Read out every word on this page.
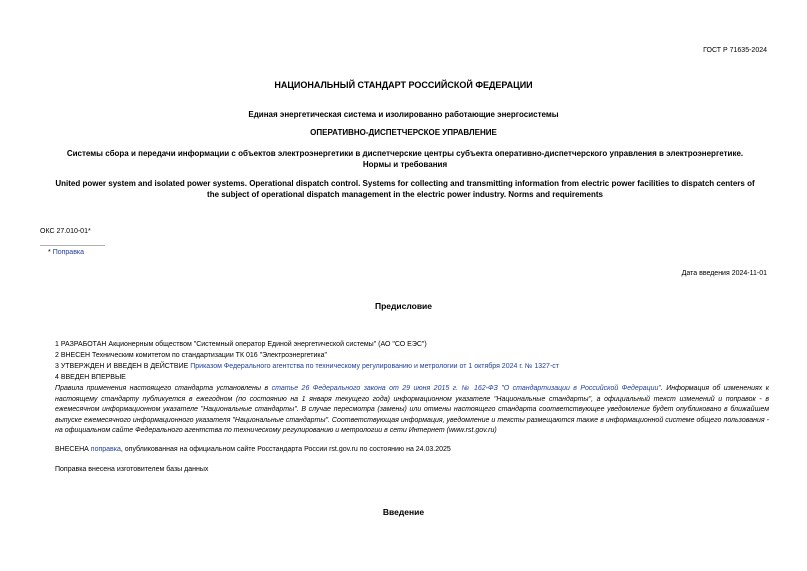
ГОСТ Р 71635-2024
НАЦИОНАЛЬНЫЙ СТАНДАРТ РОССИЙСКОЙ ФЕДЕРАЦИИ
Единая энергетическая система и изолированно работающие энергосистемы
ОПЕРАТИВНО-ДИСПЕТЧЕРСКОЕ УПРАВЛЕНИЕ
Системы сбора и передачи информации с объектов электроэнергетики в диспетчерские центры субъекта оперативно-диспетчерского управления в электроэнергетике. Нормы и требования
United power system and isolated power systems. Operational dispatch control. Systems for collecting and transmitting information from electric power facilities to dispatch centers of the subject of operational dispatch management in the electric power industry. Norms and requirements
ОКС 27.010-01*
* Поправка
Дата введения 2024-11-01
Предисловие
1 РАЗРАБОТАН Акционерным обществом "Системный оператор Единой энергетической системы" (АО "СО ЕЭС")
2 ВНЕСЕН Техническим комитетом по стандартизации ТК 016 "Электроэнергетика"
3 УТВЕРЖДЕН И ВВЕДЕН В ДЕЙСТВИЕ Приказом Федерального агентства по техническому регулированию и метрологии от 1 октября 2024 г. № 1327-ст
4 ВВЕДЕН ВПЕРВЫЕ
Правила применения настоящего стандарта установлены в статье 26 Федерального закона от 29 июня 2015 г. № 162-ФЗ "О стандартизации в Российской Федерации". Информация об изменениях к настоящему стандарту публикуется в ежегодном (по состоянию на 1 января текущего года) информационном указателе "Национальные стандарты", а официальный текст изменений и поправок - в ежемесячном информационном указателе "Национальные стандарты". В случае пересмотра (замены) или отмены настоящего стандарта соответствующее уведомление будет опубликовано в ближайшем выпуске ежемесячного информационного указателя "Национальные стандарты". Соответствующая информация, уведомление и тексты размещаются также в информационной системе общего пользования - на официальном сайте Федерального агентства по техническому регулированию и метрологии в сети Интернет (www.rst.gov.ru)
ВНЕСЕНА поправка, опубликованная на официальном сайте Росстандарта России rst.gov.ru по состоянию на 24.03.2025
Поправка внесена изготовителем базы данных
Введение
